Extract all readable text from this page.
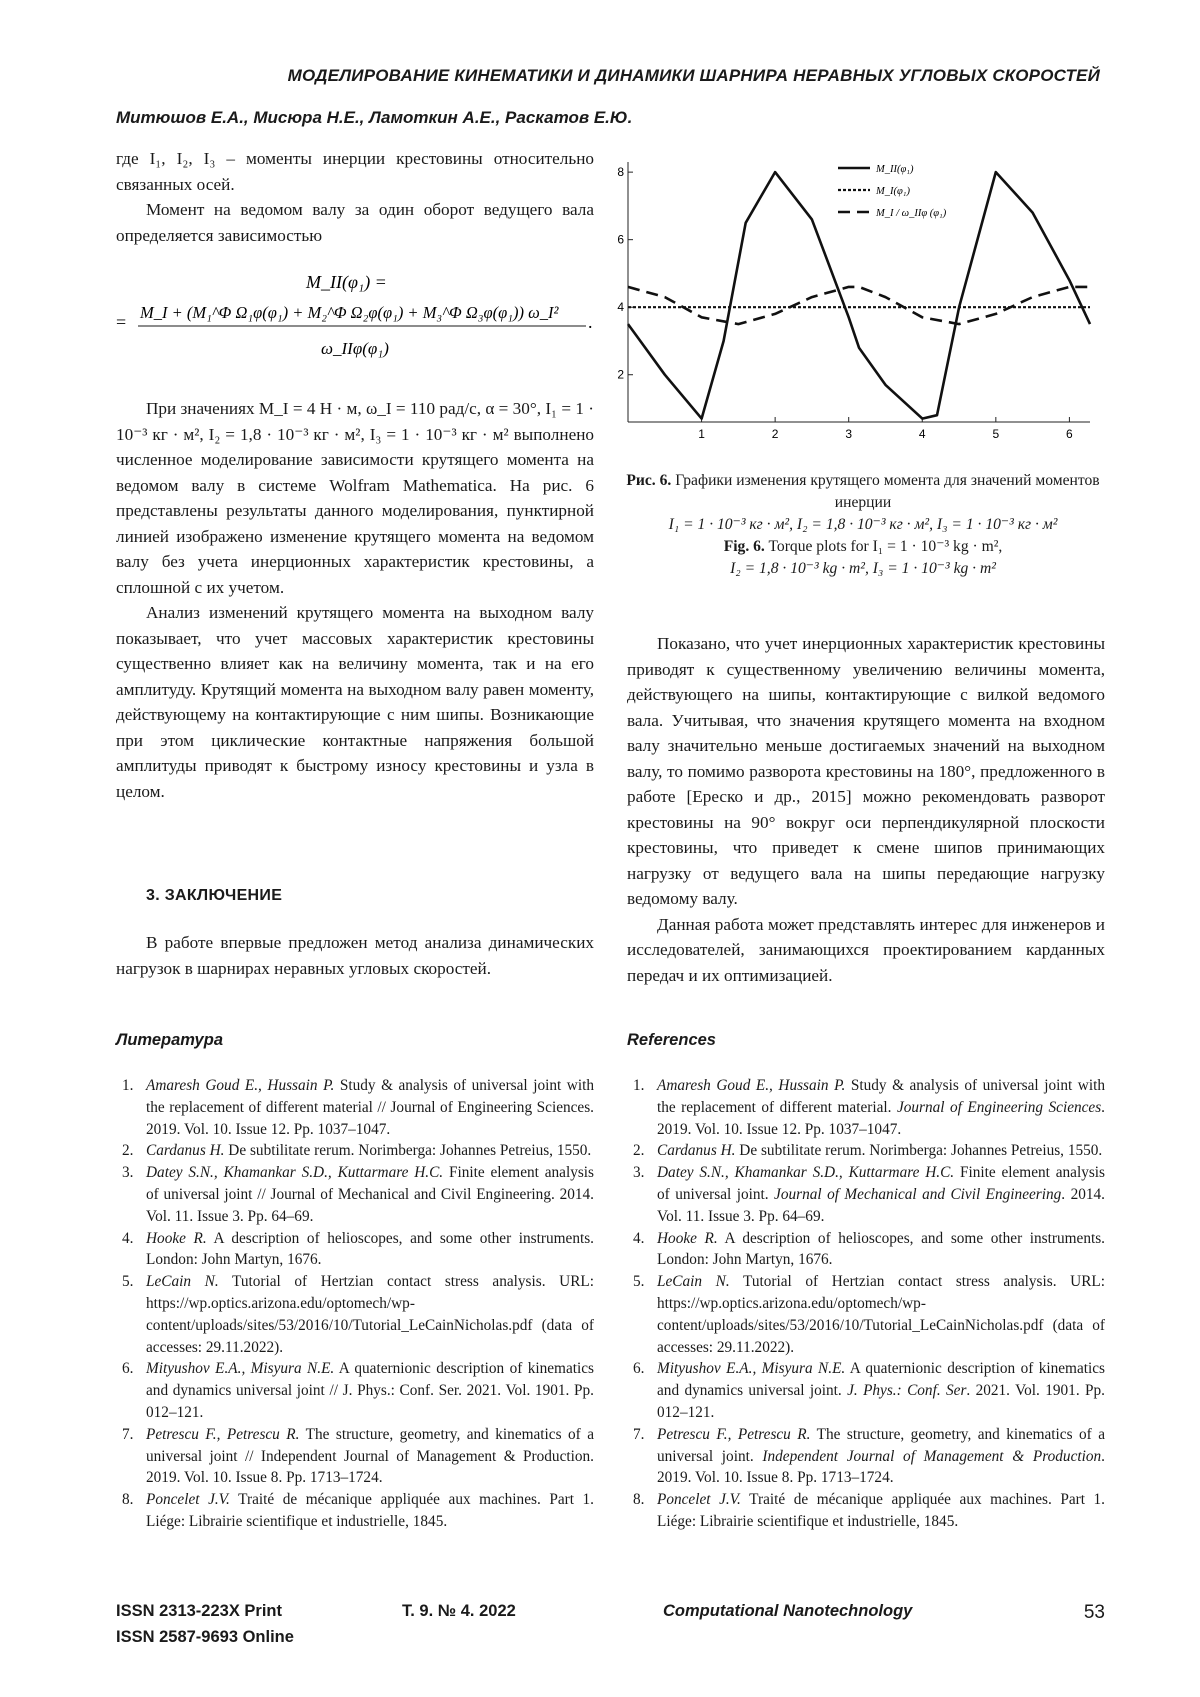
МОДЕЛИРОВАНИЕ КИНЕМАТИКИ И ДИНАМИКИ ШАРНИРА НЕРАВНЫХ УГЛОВЫХ СКОРОСТЕЙ
Митюшов Е.А., Мисюра Н.Е., Ламоткин А.Е., Раскатов Е.Ю.

где I₁, I₂, I₃ – моменты инерции крестовины относительно связанных осей.

Момент на ведомом валу за один оборот ведущего вала определяется зависимостью

M_II(φ₁) =
= M_I + (M₁^Φ Ω₁φ(φ₁) + M₂^Φ Ω₂φ(φ₁) + M₃^Φ Ω₃φ(φ₁)) ω_I² .
ω_IIφ(φ₁)

При значениях M_I = 4 Н · м, ω_I = 110 рад/с, α = 30°, I₁ = 1 · 10⁻³ кг · м², I₂ = 1,8 · 10⁻³ кг · м², I₃ = 1 · 10⁻³ кг · м² выполнено численное моделирование зависимости крутящего момента на ведомом валу в системе Wolfram Mathematica. На рис. 6 представлены результаты данного моделирования, пунктирной линией изображено изменение крутящего момента на ведомом валу без учета инерционных характеристик крестовины, а сплошной с их учетом.

Анализ изменений крутящего момента на выходном валу показывает, что учет массовых характеристик крестовины существенно влияет как на величину момента, так и на его амплитуду. Крутящий момента на выходном валу равен моменту, действующему на контактирующие с ним шипы. Возникающие при этом циклические контактные напряжения большой амплитуды приводят к быстрому износу крестовины и узла в целом.

3. ЗАКЛЮЧЕНИЕ

В работе впервые предложен метод анализа динамических нагрузок в шарнирах неравных угловых скоростей.

1	2	3	4	5	6
2
4
6
8	M_II(φ₁)
M_I(φ₁)
M_I / ω_IIφ (φ₁)
Рис. 6. Графики изменения крутящего момента для значений моментов инерции
I₁ = 1 · 10⁻³ кг · м², I₂ = 1,8 · 10⁻³ кг · м², I₃ = 1 · 10⁻³ кг · м²
Fig. 6. Torque plots for I₁ = 1 · 10⁻³ kg · m²,
I₂ = 1,8 · 10⁻³ kg · m², I₃ = 1 · 10⁻³ kg · m²

Показано, что учет инерционных характеристик крестовины приводят к существенному увеличению величины момента, действующего на шипы, контактирующие с вилкой ведомого вала. Учитывая, что значения крутящего момента на входном валу значительно меньше достигаемых значений на выходном валу, то помимо разворота крестовины на 180°, предложенного в работе [Ереско и др., 2015] можно рекомендовать разворот крестовины на 90° вокруг оси перпендикулярной плоскости крестовины, что приведет к смене шипов принимающих нагрузку от ведущего вала на шипы передающие нагрузку ведомому валу.

Данная работа может представлять интерес для инженеров и исследователей, занимающихся проектированием карданных передач и их оптимизацией.

Литература	References
1. Amaresh Goud E., Hussain P. Study & analysis of universal joint with the replacement of different material // Journal of Engineering Sciences. 2019. Vol. 10. Issue 12. Pp. 1037–1047.
2. Cardanus H. De subtilitate rerum. Norimberga: Johannes Petreius, 1550.
3. Datey S.N., Khamankar S.D., Kuttarmare H.C. Finite element analysis of universal joint // Journal of Mechanical and Civil Engineering. 2014. Vol. 11. Issue 3. Pp. 64–69.
4. Hooke R. A description of helioscopes, and some other instruments. London: John Martyn, 1676.
5. LeCain N. Tutorial of Hertzian contact stress analysis. URL: https://wp.optics.arizona.edu/optomech/wp-content/uploads/sites/53/2016/10/Tutorial_LeCainNicholas.pdf (data of accesses: 29.11.2022).
6. Mityushov E.A., Misyura N.E. A quaternionic description of kinematics and dynamics universal joint // J. Phys.: Conf. Ser. 2021. Vol. 1901. Pp. 012–121.
7. Petrescu F., Petrescu R. The structure, geometry, and kinematics of a universal joint // Independent Journal of Management & Production. 2019. Vol. 10. Issue 8. Pp. 1713–1724.
8. Poncelet J.V. Traité de mécanique appliquée aux machines. Part 1. Liége: Librairie scientifique et industrielle, 1845.
1. Amaresh Goud E., Hussain P. Study & analysis of universal joint with the replacement of different material. Journal of Engineering Sciences. 2019. Vol. 10. Issue 12. Pp. 1037–1047.
2. Cardanus H. De subtilitate rerum. Norimberga: Johannes Petreius, 1550.
3. Datey S.N., Khamankar S.D., Kuttarmare H.C. Finite element analysis of universal joint. Journal of Mechanical and Civil Engineering. 2014. Vol. 11. Issue 3. Pp. 64–69.
4. Hooke R. A description of helioscopes, and some other instruments. London: John Martyn, 1676.
5. LeCain N. Tutorial of Hertzian contact stress analysis. URL: https://wp.optics.arizona.edu/optomech/wp-content/uploads/sites/53/2016/10/Tutorial_LeCainNicholas.pdf (data of accesses: 29.11.2022).
6. Mityushov E.A., Misyura N.E. A quaternionic description of kinematics and dynamics universal joint. J. Phys.: Conf. Ser. 2021. Vol. 1901. Pp. 012–121.
7. Petrescu F., Petrescu R. The structure, geometry, and kinematics of a universal joint. Independent Journal of Management & Production. 2019. Vol. 10. Issue 8. Pp. 1713–1724.
8. Poncelet J.V. Traité de mécanique appliquée aux machines. Part 1. Liége: Librairie scientifique et industrielle, 1845.
ISSN 2313-223X Print
ISSN 2587-9693 Online
T. 9. № 4. 2022	Computational Nanotechnology	53
